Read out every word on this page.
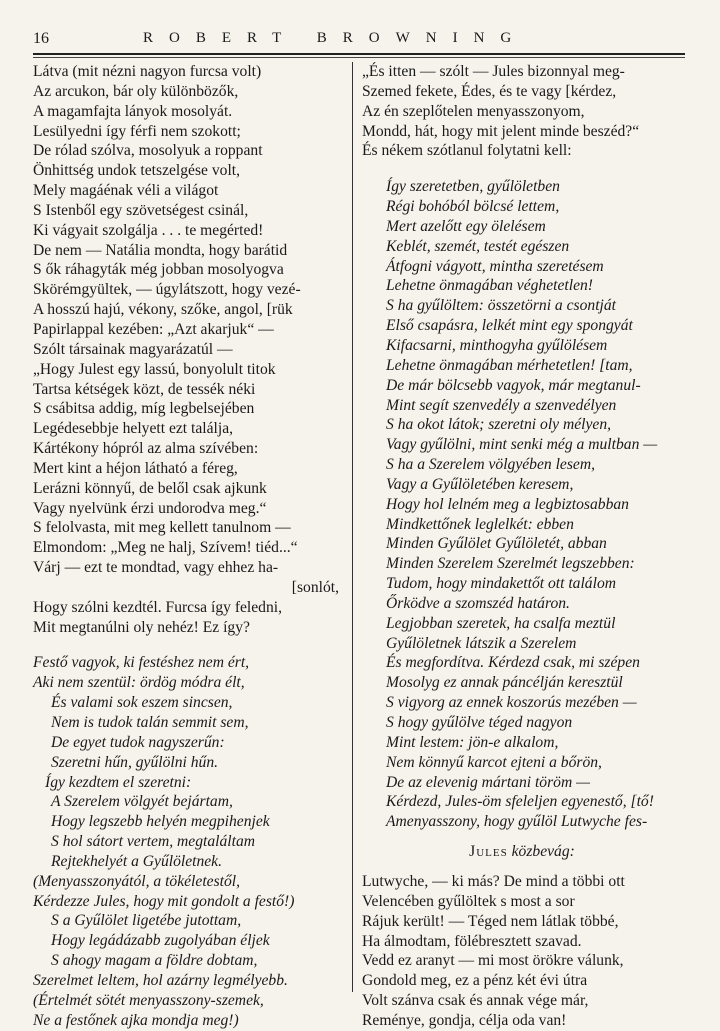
16	ROBERT BROWNING
Látva (mit nézni nagyon furcsa volt)
Az arcukon, bár oly különbözők,
A magamfajta lányok mosolyát.
Lesülyedni így férfi nem szokott;
De rólad szólva, mosolyuk a roppant
Önhittség undok tetszelgése volt,
Mely magáénak véli a világot
S Istenből egy szövetségest csinál,
Ki vágyait szolgálja . . . te megérted!
De nem — Natália mondta, hogy barátid
S ők ráhagyták még jobban mosolyogva
Skörémgyültek, — úgylátszott, hogy vezé-
A hosszú hajú, vékony, szőke, angol, [rük
Papirlappal kezében: „Azt akarjuk“ —
Szólt társainak magyarázatúl —
„Hogy Julest egy lassú, bonyolult titok
Tartsa kétségek közt, de tessék néki
S csábitsa addig, míg legbelsejében
Legédesebbje helyett ezt találja,
Kártékony hópról az alma szívében:
Mert kint a héjon látható a féreg,
Lerázni könnyű, de belől csak ajkunk
Vagy nyelvünk érzi undorodva meg.“
S felolvasta, mit meg kellett tanulnom —
Elmondom: „Meg ne halj, Szívem! tiéd...“
Várj — ezt te mondtad, vagy ehhez ha-
[sonlót,
Hogy szólni kezdtél. Furcsa így feledni,
Mit megtanúlni oly nehéz! Ez így?
Festő vagyok, ki festéshez nem ért,
Aki nem szentül: ördög módra élt,
És valami sok eszem sincsen,
Nem is tudok talán semmit sem,
De egyet tudok nagyszerűn:
Szeretni hűn, gyűlölni hűn.
Így kezdtem el szeretni:
A Szerelem völgyét bejártam,
Hogy legszebb helyén megpihenjek
S hol sátort vertem, megtaláltam
Rejtekhelyét a Gyűlöletnek.
(Menyasszonyától, a tökéletestől,
Kérdezze Jules, hogy mit gondolt a festő!)
S a Gyűlölet ligetébe jutottam,
Hogy legádázabb zugolyában éljek
S ahogy magam a földre dobtam,
Szerelmet leltem, hol azárny legmélyebb.
(Értelmét sötét menyasszony-szemek,
Ne a festőnek ajka mondja meg!)
„És itten — szólt — Jules bizonnyal meg-
Szemed fekete, Édes, és te vagy [kérdez,
Az én szeplőtelen menyasszonyom,
Mondd, hát, hogy mit jelent minde beszéd?“
És nékem szótlanul folytatni kell:
Így szeretetben, gyűlöletben
Régi bohóból bölcsé lettem,
Mert azelőtt egy ölelésem
Keblét, szemét, testét egészen
Átfogni vágyott, mintha szeretésem
Lehetne önmagában véghetetlen!
S ha gyűlöltem: összetörni a csontját
Első csapásra, lelkét mint egy spongyát
Kifacsarni, minthogyha gyűlölésem
Lehetne önmagában mérhetetlen! [tam,
De már bölcsebb vagyok, már megtanul-
Mint segít szenvedély a szenvedélyen
S ha okot látok; szeretni oly mélyen,
Vagy gyűlölni, mint senki még a multban —
S ha a Szerelem völgyében lesem,
Vagy a Gyűlöletében keresem,
Hogy hol lelném meg a legbiztosabban
Mindkettőnek leglelkét: ebben
Minden Gyűlölet Gyűlöletét, abban
Minden Szerelem Szerelmét legszebben:
Tudom, hogy mindakettőt ott találom
Őrködve a szomszéd határon.
Legjobban szeretek, ha csalfa meztül
Gyűlöletnek látszik a Szerelem
És megfordítva. Kérdezd csak, mi szépen
Mosolyg ez annak páncélján keresztül
S vigyorg az ennek koszorús mezében —
S hogy gyűlölve téged nagyon
Mint lestem: jön-e alkalom,
Nem könnyű karcot ejteni a bőrön,
De az elevenig mártani töröm —
Kérdezd, Jules-öm sfeleljen egyenestő, [tő!
Amenyasszony, hogy gyűlöl Lutwyche fes-
Jules közbevág:
Lutwyche, — ki más? De mind a többi ott
Velencében gyűlöltek s most a sor
Rájuk került! — Téged nem látlak többé,
Ha álmodtam, fölébresztett szavad.
Vedd ez aranyt — mi most örökre válunk,
Gondold meg, ez a pénz két évi útra
Volt szánva csak és annak vége már,
Reménye, gondja, célja oda van!
